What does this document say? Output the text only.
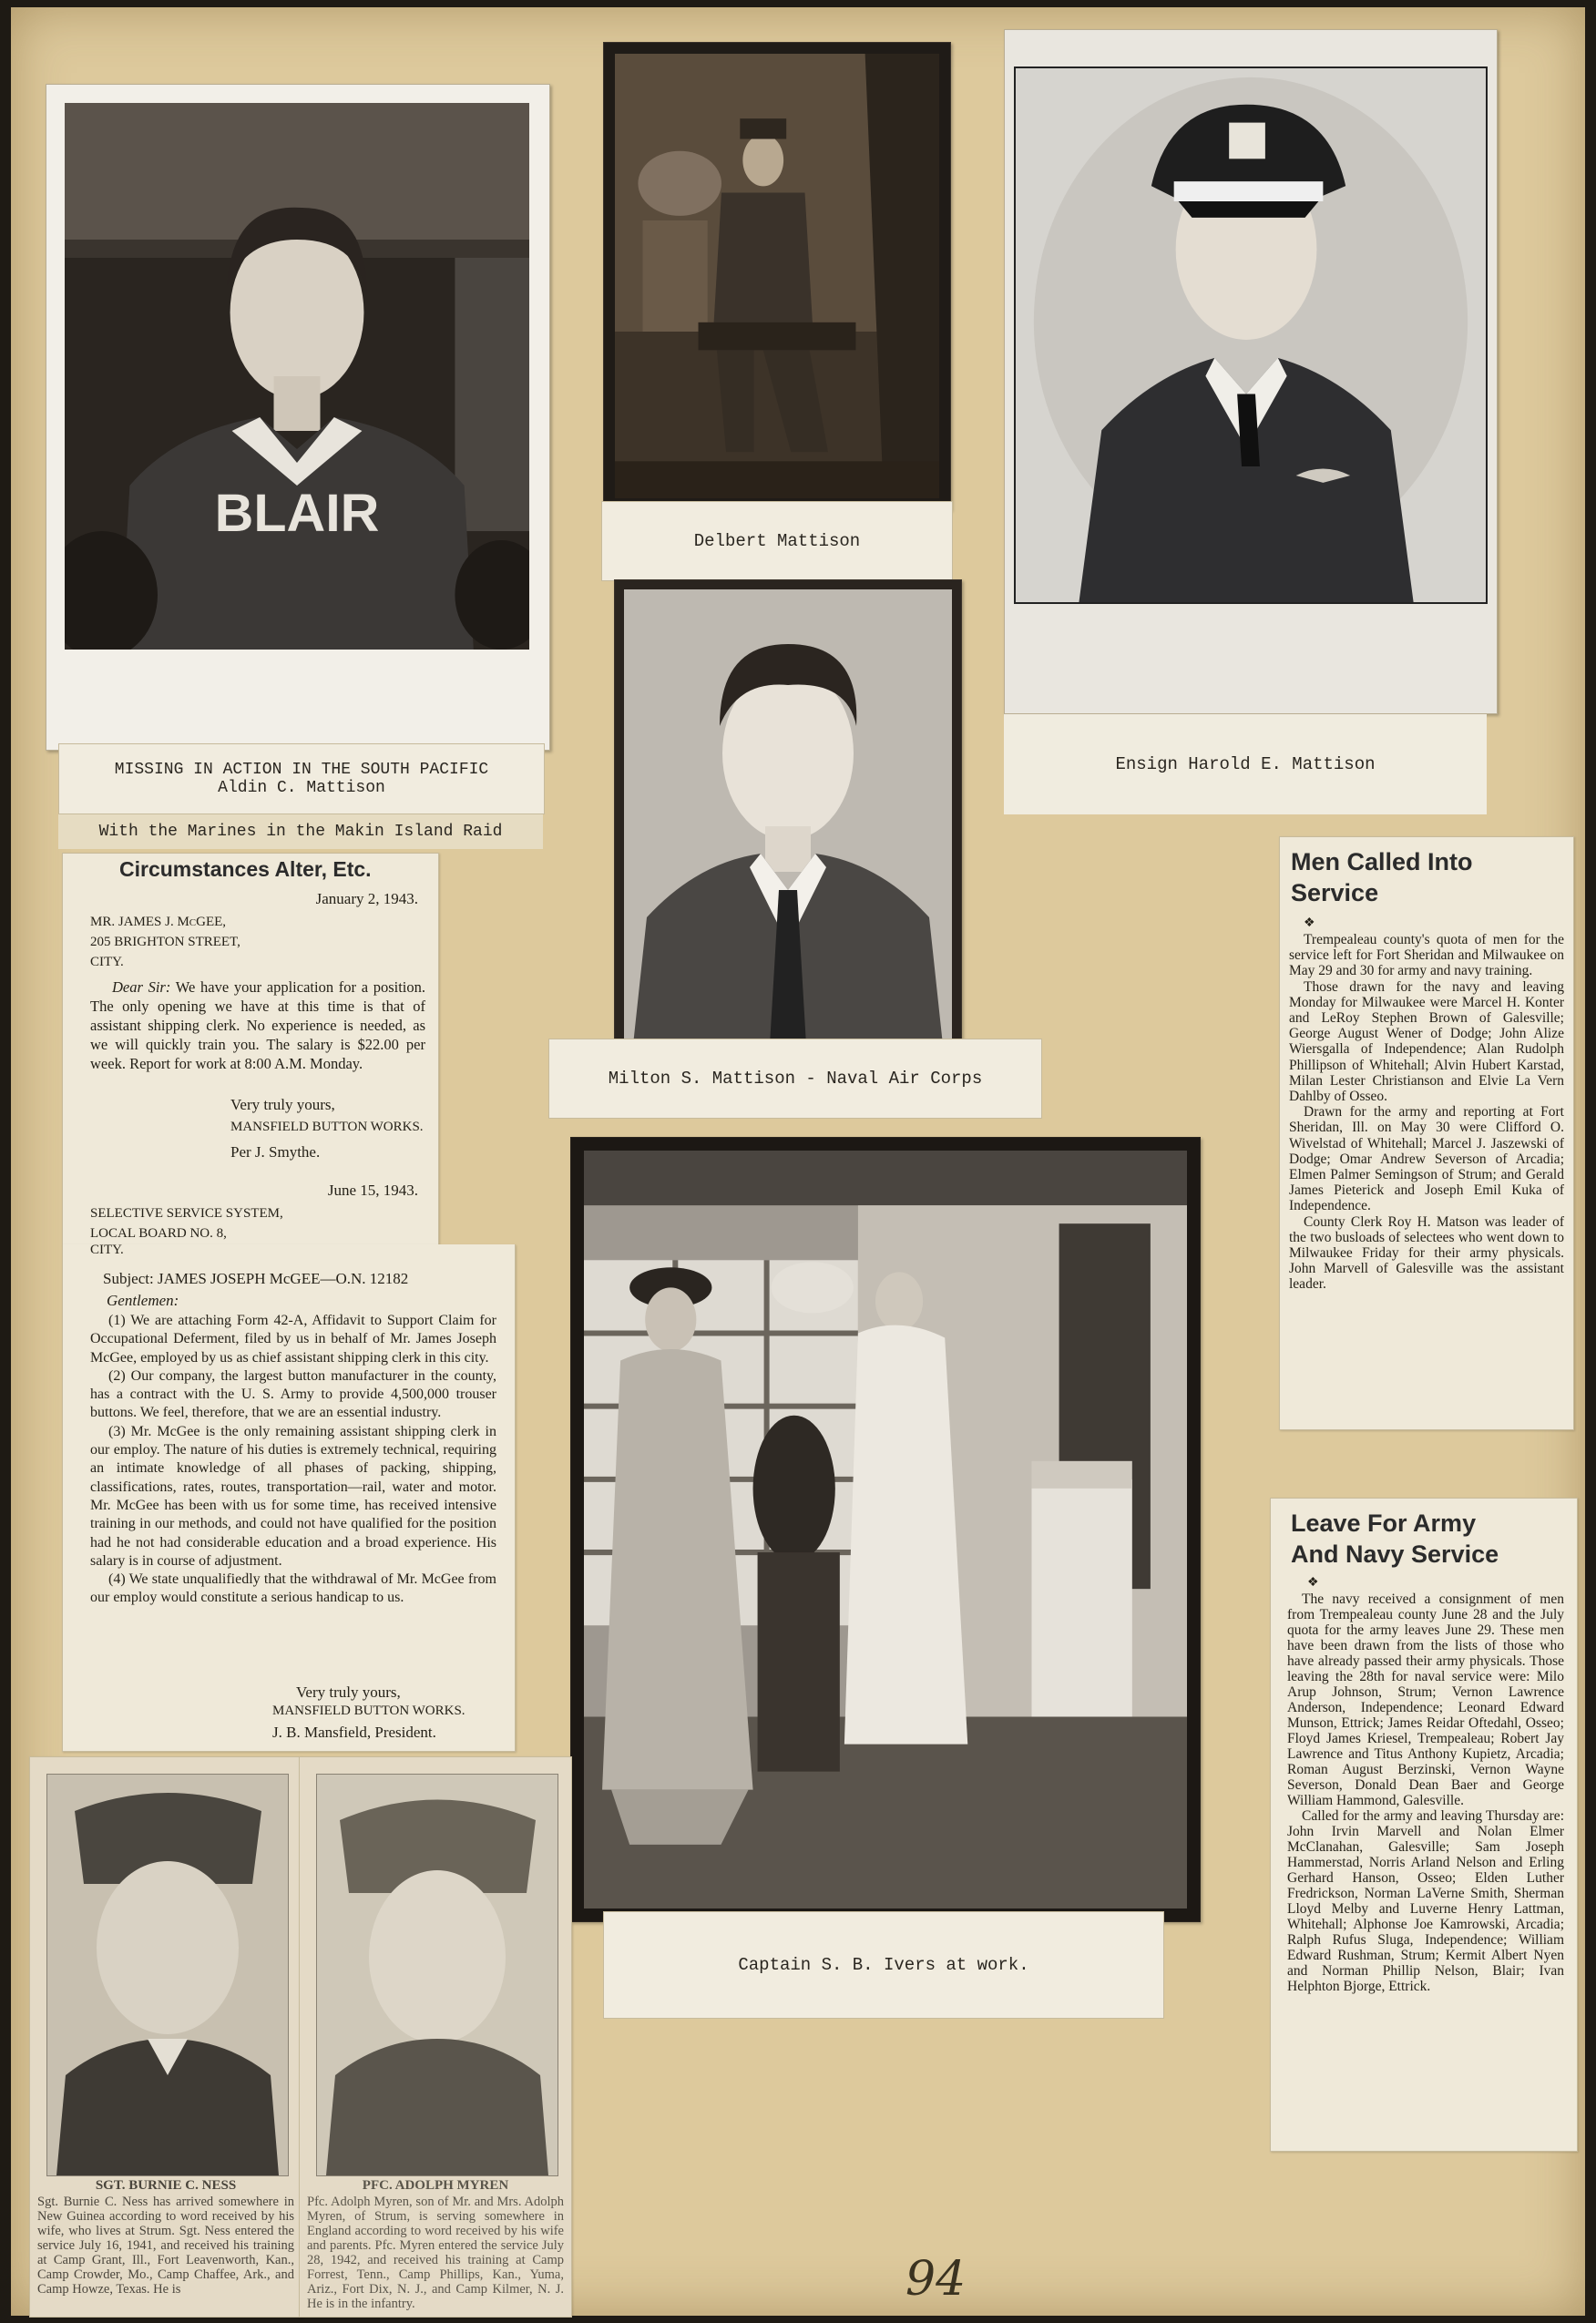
BLAIR
MISSING IN ACTION IN THE SOUTH PACIFIC
Aldin C. Mattison
With the Marines in the Makin Island Raid
Delbert Mattison
Ensign Harold E. Mattison
Milton S. Mattison - Naval Air Corps
Captain S. B. Ivers at work.
Circumstances Alter, Etc.
January 2, 1943.
MR. JAMES J. McGEE,
205 BRIGHTON STREET,
CITY.
Dear Sir: We have your application for a position. The only opening we have at this time is that of assistant shipping clerk. No experience is needed, as we will quickly train you. The salary is $22.00 per week. Report for work at 8:00 A.M. Monday.
Very truly yours,
MANSFIELD BUTTON WORKS.
Per J. Smythe.
June 15, 1943.
SELECTIVE SERVICE SYSTEM,
LOCAL BOARD NO. 8,
CITY.
Subject: JAMES JOSEPH McGEE—O.N. 12182
Gentlemen:

(1) We are attaching Form 42-A, Affidavit to Support Claim for Occupational Deferment, filed by us in behalf of Mr. James Joseph McGee, employed by us as chief assistant shipping clerk in this city.

(2) Our company, the largest button manufacturer in the county, has a contract with the U. S. Army to provide 4,500,000 trouser buttons. We feel, therefore, that we are an essential industry.

(3) Mr. McGee is the only remaining assistant shipping clerk in our employ. The nature of his duties is extremely technical, requiring an intimate knowledge of all phases of packing, shipping, classifications, rates, routes, transportation—rail, water and motor. Mr. McGee has been with us for some time, has received intensive training in our methods, and could not have qualified for the position had he not had considerable education and a broad experience. His salary is in course of adjustment.

(4) We state unqualifiedly that the withdrawal of Mr. McGee from our employ would constitute a serious handicap to us.

Very truly yours,
MANSFIELD BUTTON WORKS.
J. B. Mansfield, President.
Men Called Into Service
❖

Trempealeau county's quota of men for the service left for Fort Sheridan and Milwaukee on May 29 and 30 for army and navy training.

Those drawn for the navy and leaving Monday for Milwaukee were Marcel H. Konter and LeRoy Stephen Brown of Galesville; George August Wener of Dodge; John Alize Wiersgalla of Independence; Alan Rudolph Phillipson of Whitehall; Alvin Hubert Karstad, Milan Lester Christianson and Elvie La Vern Dahlby of Osseo.

Drawn for the army and reporting at Fort Sheridan, Ill. on May 30 were Clifford O. Wivelstad of Whitehall; Marcel J. Jaszewski of Dodge; Omar Andrew Severson of Arcadia; Elmen Palmer Semingson of Strum; and Gerald James Pieterick and Joseph Emil Kuka of Independence.

County Clerk Roy H. Matson was leader of the two busloads of selectees who went down to Milwaukee Friday for their army physicals. John Marvell of Galesville was the assistant leader.

Leave For Army And Navy Service
❖

The navy received a consignment of men from Trempealeau county June 28 and the July quota for the army leaves June 29. These men have been drawn from the lists of those who have already passed their army physicals. Those leaving the 28th for naval service were: Milo Arup Johnson, Strum; Vernon Lawrence Anderson, Independence; Leonard Edward Munson, Ettrick; James Reidar Oftedahl, Osseo; Floyd James Kriesel, Trempealeau; Robert Jay Lawrence and Titus Anthony Kupietz, Arcadia; Roman August Berzinski, Vernon Wayne Severson, Donald Dean Baer and George William Hammond, Galesville.

Called for the army and leaving Thursday are: John Irvin Marvell and Nolan Elmer McClanahan, Galesville; Sam Joseph Hammerstad, Norris Arland Nelson and Erling Gerhard Hanson, Osseo; Elden Luther Fredrickson, Norman LaVerne Smith, Sherman Lloyd Melby and Luverne Henry Lattman, Whitehall; Alphonse Joe Kamrowski, Arcadia; Ralph Rufus Sluga, Independence; William Edward Rushman, Strum; Kermit Albert Nyen and Norman Phillip Nelson, Blair; Ivan Helphton Bjorge, Ettrick.

SGT. BURNIE C. NESS
Sgt. Burnie C. Ness has arrived somewhere in New Guinea according to word received by his wife, who lives at Strum. Sgt. Ness entered the service July 16, 1941, and received his training at Camp Grant, Ill., Fort Leavenworth, Kan., Camp Crowder, Mo., Camp Chaffee, Ark., and Camp Howze, Texas. He is
PFC. ADOLPH MYREN
Pfc. Adolph Myren, son of Mr. and Mrs. Adolph Myren, of Strum, is serving somewhere in England according to word received by his wife and parents. Pfc. Myren entered the service July 28, 1942, and received his training at Camp Forrest, Tenn., Camp Phillips, Kan., Yuma, Ariz., Fort Dix, N. J., and Camp Kilmer, N. J. He is in the infantry.	94
